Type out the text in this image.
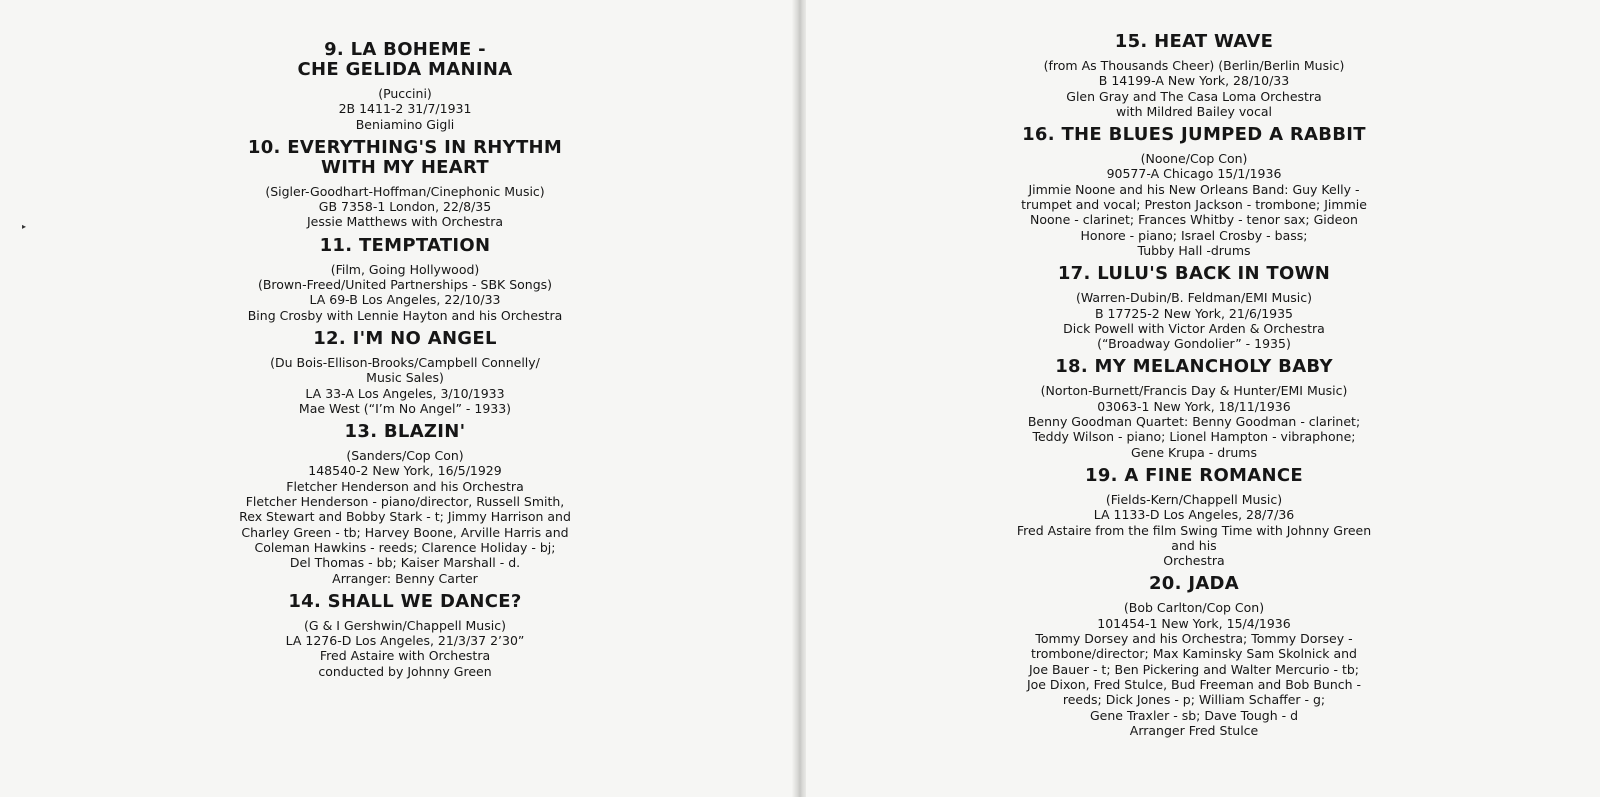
▸
9. LA BOHEME -
CHE GELIDA MANINA
(Puccini)
2B 1411-2 31/7/1931
Beniamino Gigli
10. EVERYTHING'S IN RHYTHM
WITH MY HEART
(Sigler-Goodhart-Hoffman/Cinephonic Music)
GB 7358-1 London, 22/8/35
Jessie Matthews with Orchestra
11. TEMPTATION
(Film, Going Hollywood)
(Brown-Freed/United Partnerships - SBK Songs)
LA 69-B Los Angeles, 22/10/33
Bing Crosby with Lennie Hayton and his Orchestra
12. I'M NO ANGEL
(Du Bois-Ellison-Brooks/Campbell Connelly/
Music Sales)
LA 33-A Los Angeles, 3/10/1933
Mae West (“I’m No Angel” - 1933)
13. BLAZIN'
(Sanders/Cop Con)
148540-2 New York, 16/5/1929
Fletcher Henderson and his Orchestra
Fletcher Henderson - piano/director, Russell Smith,
Rex Stewart and Bobby Stark - t; Jimmy Harrison and
Charley Green - tb; Harvey Boone, Arville Harris and
Coleman Hawkins - reeds; Clarence Holiday - bj;
Del Thomas - bb; Kaiser Marshall - d.
Arranger: Benny Carter
14. SHALL WE DANCE?
(G & I Gershwin/Chappell Music)
LA 1276-D Los Angeles, 21/3/37 2’30”
Fred Astaire with Orchestra
conducted by Johnny Green
15. HEAT WAVE
(from As Thousands Cheer) (Berlin/Berlin Music)
B 14199-A New York, 28/10/33
Glen Gray and The Casa Loma Orchestra
with Mildred Bailey vocal
16. THE BLUES JUMPED A RABBIT
(Noone/Cop Con)
90577-A Chicago 15/1/1936
Jimmie Noone and his New Orleans Band: Guy Kelly -
trumpet and vocal; Preston Jackson - trombone; Jimmie
Noone - clarinet; Frances Whitby - tenor sax; Gideon
Honore - piano; Israel Crosby - bass;
Tubby Hall -drums
17. LULU'S BACK IN TOWN
(Warren-Dubin/B. Feldman/EMI Music)
B 17725-2 New York, 21/6/1935
Dick Powell with Victor Arden & Orchestra
(“Broadway Gondolier” - 1935)
18. MY MELANCHOLY BABY
(Norton-Burnett/Francis Day & Hunter/EMI Music)
03063-1 New York, 18/11/1936
Benny Goodman Quartet: Benny Goodman - clarinet;
Teddy Wilson - piano; Lionel Hampton - vibraphone;
Gene Krupa - drums
19. A FINE ROMANCE
(Fields-Kern/Chappell Music)
LA 1133-D Los Angeles, 28/7/36
Fred Astaire from the film Swing Time with Johnny Green
and his
Orchestra
20. JADA
(Bob Carlton/Cop Con)
101454-1 New York, 15/4/1936
Tommy Dorsey and his Orchestra; Tommy Dorsey -
trombone/director; Max Kaminsky Sam Skolnick and
Joe Bauer - t; Ben Pickering and Walter Mercurio - tb;
Joe Dixon, Fred Stulce, Bud Freeman and Bob Bunch -
reeds; Dick Jones - p; William Schaffer - g;
Gene Traxler - sb; Dave Tough - d
Arranger Fred Stulce
